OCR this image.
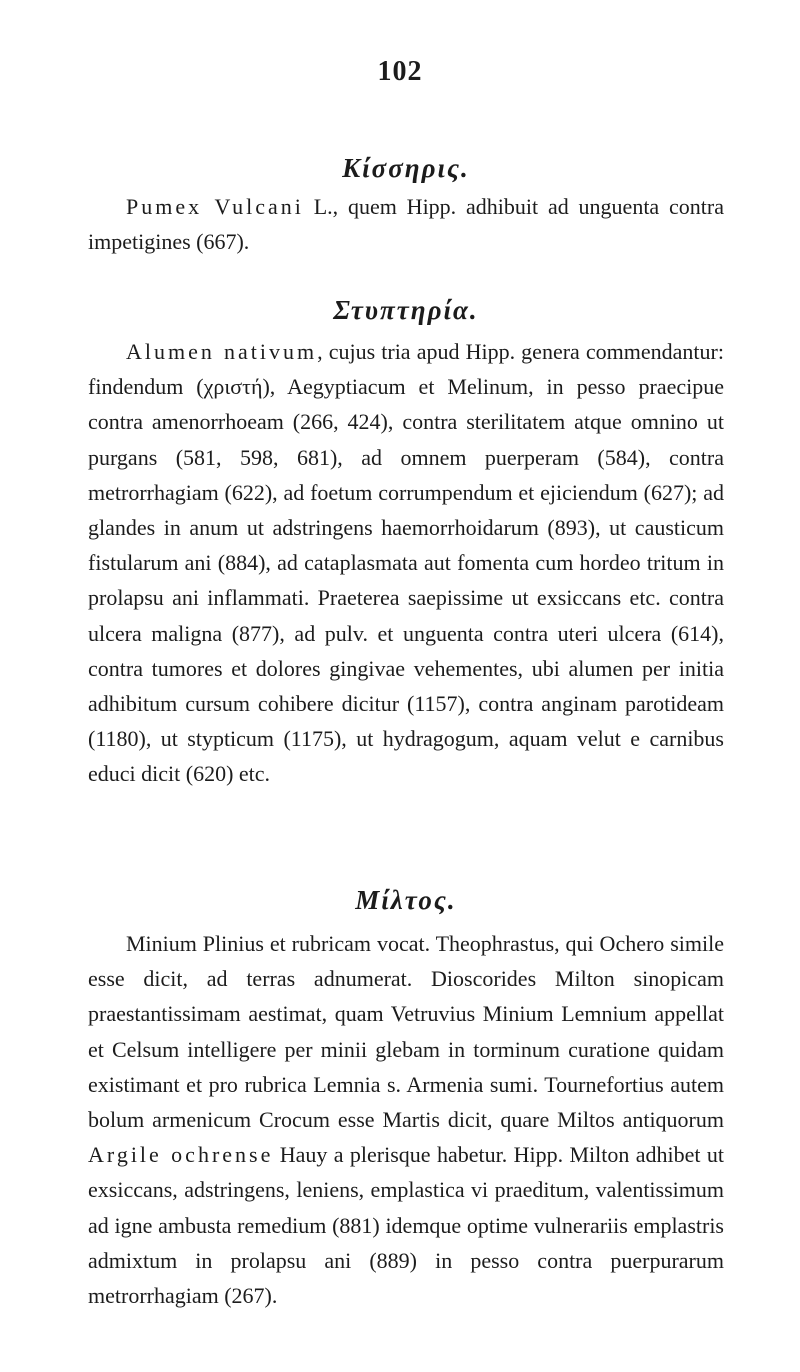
102
Κίσσηρις.

Pumex Vulcani L., quem Hipp. adhibuit ad unguenta contra impetigines (667).

Στυπτηρία.

Alumen nativum, cujus tria apud Hipp. genera commendantur: findendum (χριστή), Aegyptiacum et Melinum, in pesso praecipue contra amenorrhoeam (266, 424), contra sterilitatem atque omnino ut purgans (581, 598, 681), ad omnem puerperam (584), contra metrorrhagiam (622), ad foetum corrumpendum et ejiciendum (627); ad glandes in anum ut adstringens haemorrhoidarum (893), ut causticum fistularum ani (884), ad cataplasmata aut fomenta cum hordeo tritum in prolapsu ani inflammati. Praeterea saepissime ut exsiccans etc. contra ulcera maligna (877), ad pulv. et unguenta contra uteri ulcera (614), contra tumores et dolores gingivae vehementes, ubi alumen per initia adhibitum cursum cohibere dicitur (1157), contra anginam parotideam (1180), ut stypticum (1175), ut hydragogum, aquam velut e carnibus educi dicit (620) etc.

Μίλτος.

Minium Plinius et rubricam vocat. Theophrastus, qui Ochero simile esse dicit, ad terras adnumerat. Dioscorides Milton sinopicam praestantissimam aestimat, quam Vetruvius Minium Lemnium appellat et Celsum intelligere per minii glebam in torminum curatione quidam existimant et pro rubrica Lemnia s. Armenia sumi. Tournefortius autem bolum armenicum Crocum esse Martis dicit, quare Miltos antiquorum Argile ochrense Hauy a plerisque habetur. Hipp. Milton adhibet ut exsiccans, adstringens, leniens, emplastica vi praeditum, valentissimum ad igne ambusta remedium (881) idemque optime vulnerariis emplastris admixtum in prolapsu ani (889) in pesso contra puerpurarum metrorrhagiam (267).
